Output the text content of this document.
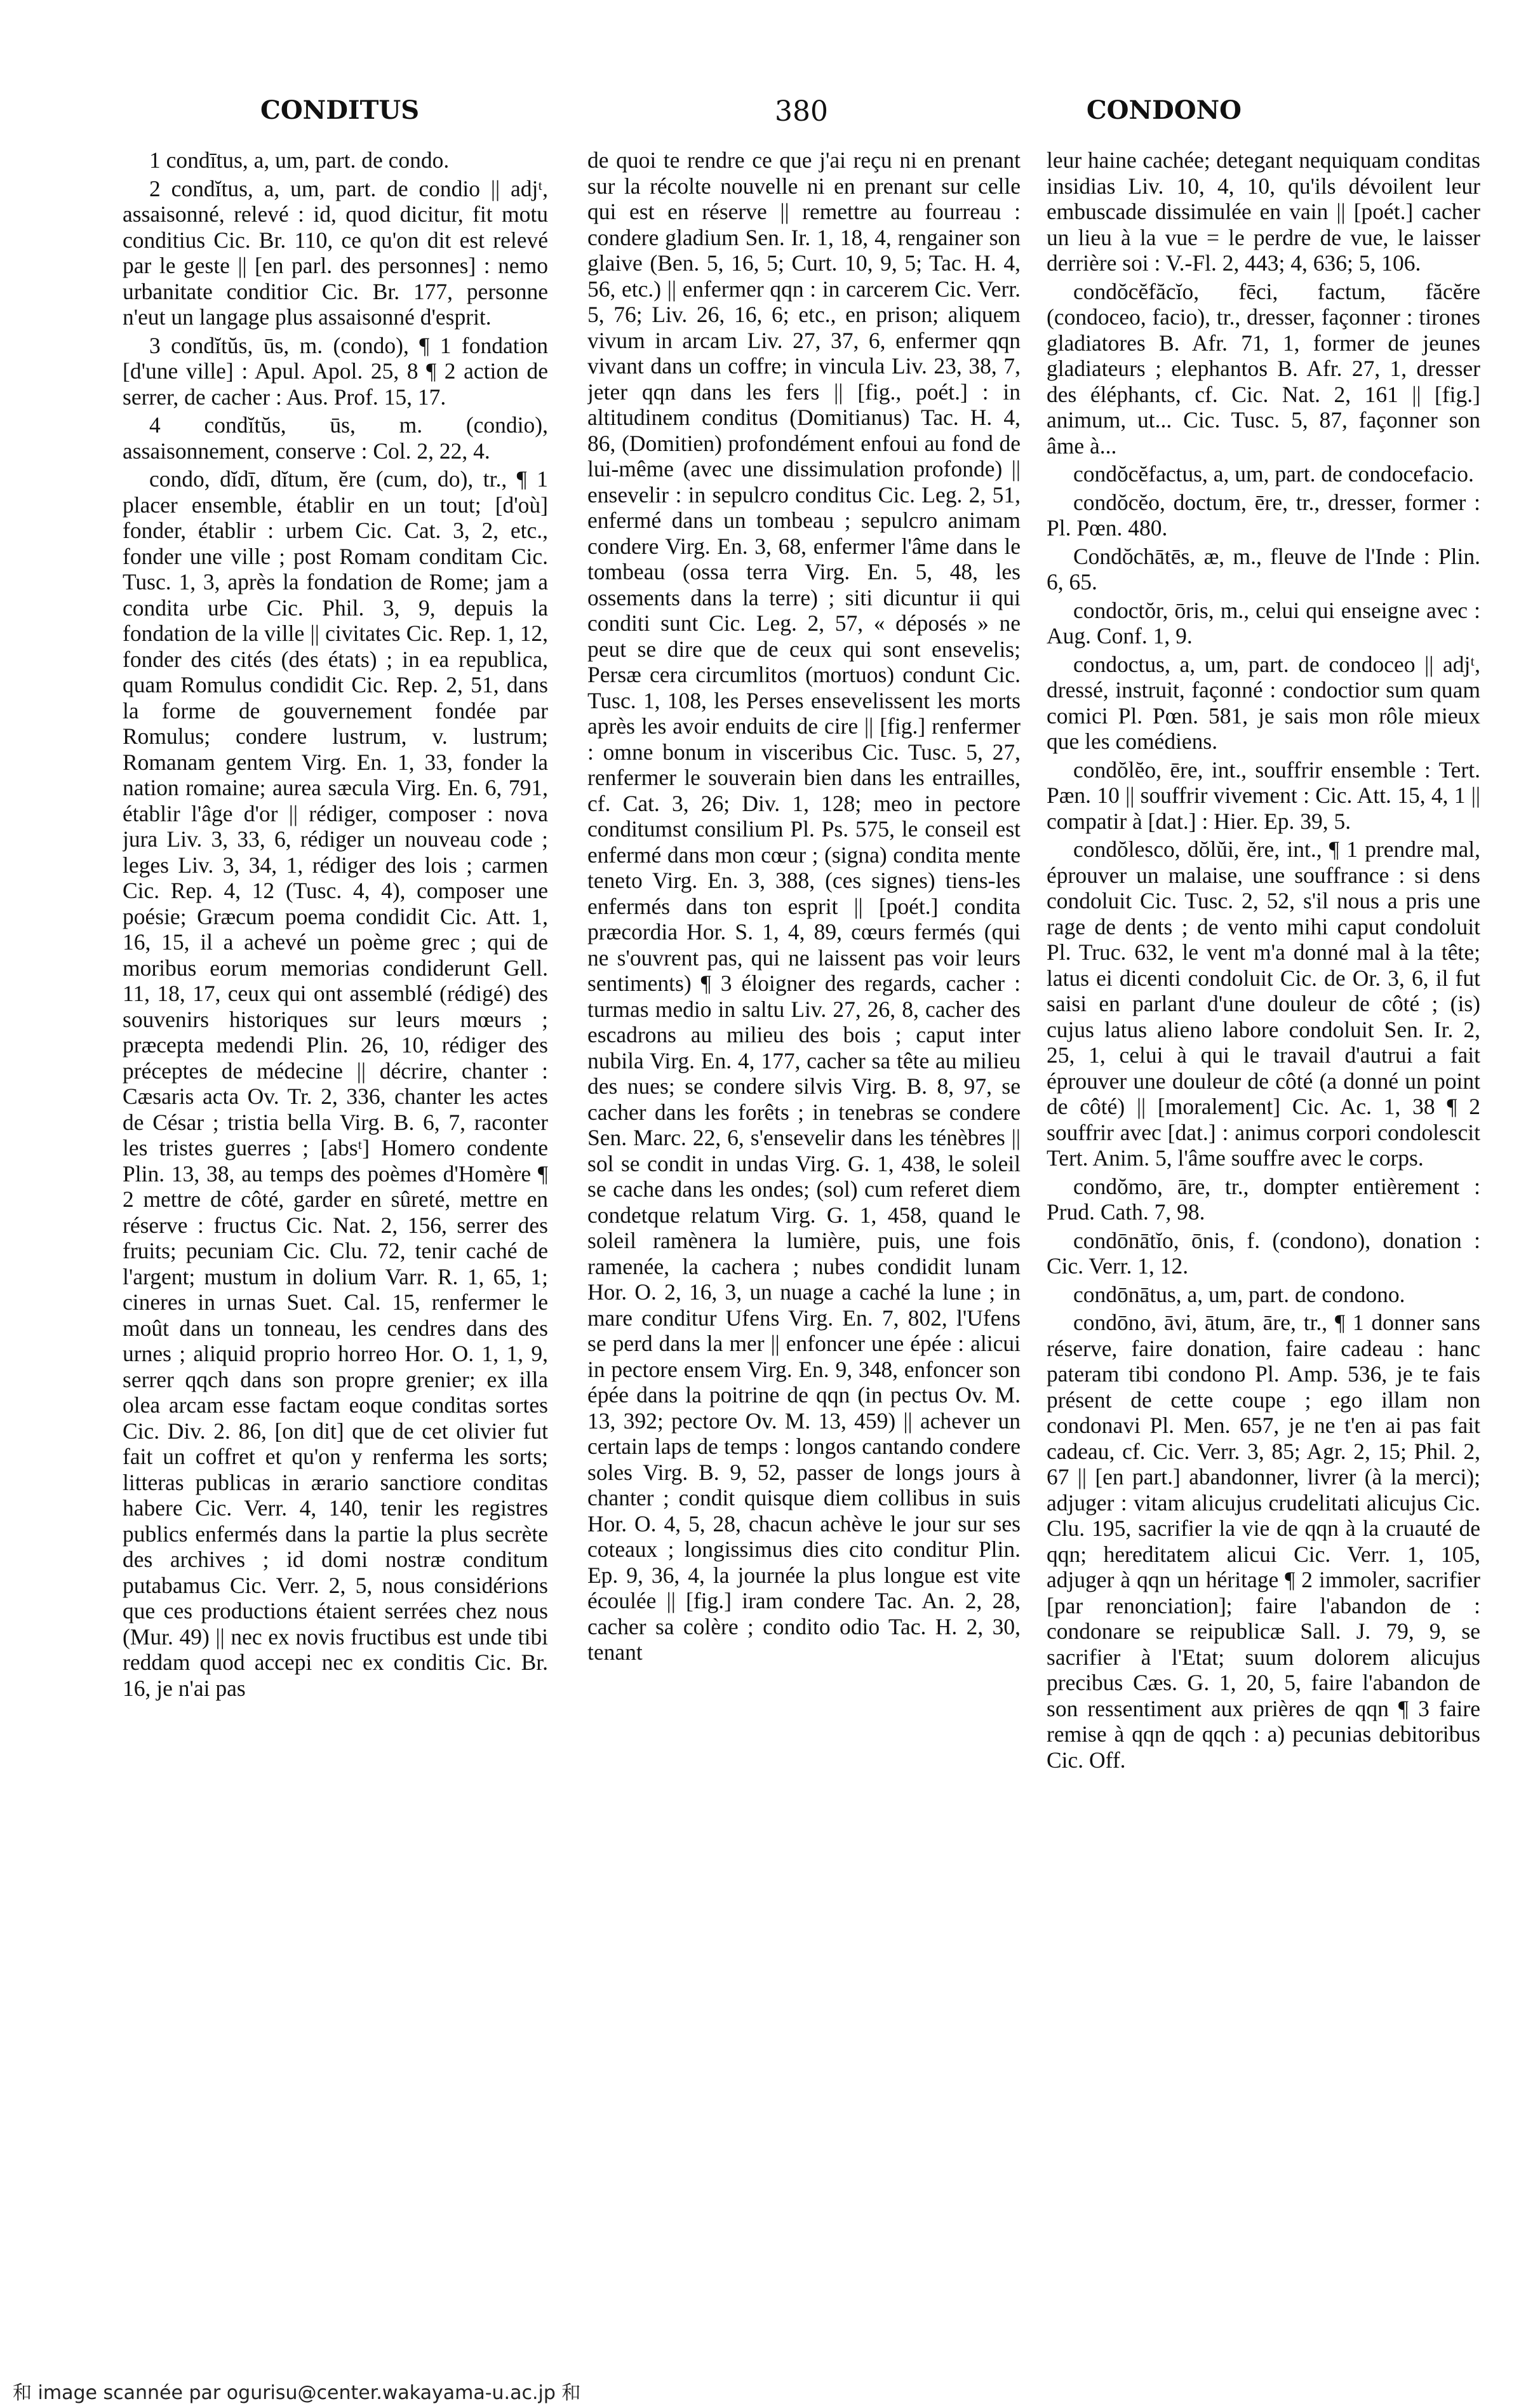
CONDITUS	380	CONDONO

1 condītus, a, um, part. de condo.

2 condĭtus, a, um, part. de condio || adjᵗ, assaisonné, relevé : id, quod dicitur, fit motu conditius Cic. Br. 110, ce qu'on dit est relevé par le geste || [en parl. des personnes] : nemo urbanitate conditior Cic. Br. 177, personne n'eut un langage plus assaisonné d'esprit.

3 condĭtŭs, ūs, m. (condo), ¶ 1 fondation [d'une ville] : Apul. Apol. 25, 8 ¶ 2 action de serrer, de cacher : Aus. Prof. 15, 17.

4 condĭtŭs, ūs, m. (condio), assaisonnement, conserve : Col. 2, 22, 4.

condo, dĭdī, dĭtum, ĕre (cum, do), tr., ¶ 1 placer ensemble, établir en un tout; [d'où] fonder, établir : urbem Cic. Cat. 3, 2, etc., fonder une ville ; post Romam conditam Cic. Tusc. 1, 3, après la fondation de Rome; jam a condita urbe Cic. Phil. 3, 9, depuis la fondation de la ville || civitates Cic. Rep. 1, 12, fonder des cités (des états) ; in ea republica, quam Romulus condidit Cic. Rep. 2, 51, dans la forme de gouvernement fondée par Romulus; condere lustrum, v. lustrum; Romanam gentem Virg. En. 1, 33, fonder la nation romaine; aurea sæcula Virg. En. 6, 791, établir l'âge d'or || rédiger, composer : nova jura Liv. 3, 33, 6, rédiger un nouveau code ; leges Liv. 3, 34, 1, rédiger des lois ; carmen Cic. Rep. 4, 12 (Tusc. 4, 4), composer une poésie; Græcum poema condidit Cic. Att. 1, 16, 15, il a achevé un poème grec ; qui de moribus eorum memorias condiderunt Gell. 11, 18, 17, ceux qui ont assemblé (rédigé) des souvenirs historiques sur leurs mœurs ; præcepta medendi Plin. 26, 10, rédiger des préceptes de médecine || décrire, chanter : Cæsaris acta Ov. Tr. 2, 336, chanter les actes de César ; tristia bella Virg. B. 6, 7, raconter les tristes guerres ; [absᵗ] Homero condente Plin. 13, 38, au temps des poèmes d'Homère ¶ 2 mettre de côté, garder en sûreté, mettre en réserve : fructus Cic. Nat. 2, 156, serrer des fruits; pecuniam Cic. Clu. 72, tenir caché de l'argent; mustum in dolium Varr. R. 1, 65, 1; cineres in urnas Suet. Cal. 15, renfermer le moût dans un tonneau, les cendres dans des urnes ; aliquid proprio horreo Hor. O. 1, 1, 9, serrer qqch dans son propre grenier; ex illa olea arcam esse factam eoque conditas sortes Cic. Div. 2. 86, [on dit] que de cet olivier fut fait un coffret et qu'on y renferma les sorts; litteras publicas in ærario sanctiore conditas habere Cic. Verr. 4, 140, tenir les registres publics enfermés dans la partie la plus secrète des archives ; id domi nostræ conditum putabamus Cic. Verr. 2, 5, nous considérions que ces productions étaient serrées chez nous (Mur. 49) || nec ex novis fructibus est unde tibi reddam quod accepi nec ex conditis Cic. Br. 16, je n'ai pas

de quoi te rendre ce que j'ai reçu ni en prenant sur la récolte nouvelle ni en prenant sur celle qui est en réserve || remettre au fourreau : condere gladium Sen. Ir. 1, 18, 4, rengainer son glaive (Ben. 5, 16, 5; Curt. 10, 9, 5; Tac. H. 4, 56, etc.) || enfermer qqn : in carcerem Cic. Verr. 5, 76; Liv. 26, 16, 6; etc., en prison; aliquem vivum in arcam Liv. 27, 37, 6, enfermer qqn vivant dans un coffre; in vincula Liv. 23, 38, 7, jeter qqn dans les fers || [fig., poét.] : in altitudinem conditus (Domitianus) Tac. H. 4, 86, (Domitien) profondément enfoui au fond de lui-même (avec une dissimulation profonde) || ensevelir : in sepulcro conditus Cic. Leg. 2, 51, enfermé dans un tombeau ; sepulcro animam condere Virg. En. 3, 68, enfermer l'âme dans le tombeau (ossa terra Virg. En. 5, 48, les ossements dans la terre) ; siti dicuntur ii qui conditi sunt Cic. Leg. 2, 57, « déposés » ne peut se dire que de ceux qui sont ensevelis; Persæ cera circumlitos (mortuos) condunt Cic. Tusc. 1, 108, les Perses ensevelissent les morts après les avoir enduits de cire || [fig.] renfermer : omne bonum in visceribus Cic. Tusc. 5, 27, renfermer le souverain bien dans les entrailles, cf. Cat. 3, 26; Div. 1, 128; meo in pectore conditumst consilium Pl. Ps. 575, le conseil est enfermé dans mon cœur ; (signa) condita mente teneto Virg. En. 3, 388, (ces signes) tiens-les enfermés dans ton esprit || [poét.] condita præcordia Hor. S. 1, 4, 89, cœurs fermés (qui ne s'ouvrent pas, qui ne laissent pas voir leurs sentiments) ¶ 3 éloigner des regards, cacher : turmas medio in saltu Liv. 27, 26, 8, cacher des escadrons au milieu des bois ; caput inter nubila Virg. En. 4, 177, cacher sa tête au milieu des nues; se condere silvis Virg. B. 8, 97, se cacher dans les forêts ; in tenebras se condere Sen. Marc. 22, 6, s'ensevelir dans les ténèbres || sol se condit in undas Virg. G. 1, 438, le soleil se cache dans les ondes; (sol) cum referet diem condetque relatum Virg. G. 1, 458, quand le soleil ramènera la lumière, puis, une fois ramenée, la cachera ; nubes condidit lunam Hor. O. 2, 16, 3, un nuage a caché la lune ; in mare conditur Ufens Virg. En. 7, 802, l'Ufens se perd dans la mer || enfoncer une épée : alicui in pectore ensem Virg. En. 9, 348, enfoncer son épée dans la poitrine de qqn (in pectus Ov. M. 13, 392; pectore Ov. M. 13, 459) || achever un certain laps de temps : longos cantando condere soles Virg. B. 9, 52, passer de longs jours à chanter ; condit quisque diem collibus in suis Hor. O. 4, 5, 28, chacun achève le jour sur ses coteaux ; longissimus dies cito conditur Plin. Ep. 9, 36, 4, la journée la plus longue est vite écoulée || [fig.] iram condere Tac. An. 2, 28, cacher sa colère ; condito odio Tac. H. 2, 30, tenant

leur haine cachée; detegant nequiquam conditas insidias Liv. 10, 4, 10, qu'ils dévoilent leur embuscade dissimulée en vain || [poét.] cacher un lieu à la vue = le perdre de vue, le laisser derrière soi : V.-Fl. 2, 443; 4, 636; 5, 106.

condŏcĕfăcĭo, fēci, factum, făcĕre (condoceo, facio), tr., dresser, façonner : tirones gladiatores B. Afr. 71, 1, former de jeunes gladiateurs ; elephantos B. Afr. 27, 1, dresser des éléphants, cf. Cic. Nat. 2, 161 || [fig.] animum, ut... Cic. Tusc. 5, 87, façonner son âme à...

condŏcĕfactus, a, um, part. de condocefacio.

condŏcĕo, doctum, ēre, tr., dresser, former : Pl. Pœn. 480.

Condŏchātēs, æ, m., fleuve de l'Inde : Plin. 6, 65.

condoctŏr, ōris, m., celui qui enseigne avec : Aug. Conf. 1, 9.

condoctus, a, um, part. de condoceo || adjᵗ, dressé, instruit, façonné : condoctior sum quam comici Pl. Pœn. 581, je sais mon rôle mieux que les comédiens.

condŏlĕo, ēre, int., souffrir ensemble : Tert. Pæn. 10 || souffrir vivement : Cic. Att. 15, 4, 1 || compatir à [dat.] : Hier. Ep. 39, 5.

condŏlesco, dŏlŭi, ĕre, int., ¶ 1 prendre mal, éprouver un malaise, une souffrance : si dens condoluit Cic. Tusc. 2, 52, s'il nous a pris une rage de dents ; de vento mihi caput condoluit Pl. Truc. 632, le vent m'a donné mal à la tête; latus ei dicenti condoluit Cic. de Or. 3, 6, il fut saisi en parlant d'une douleur de côté ; (is) cujus latus alieno labore condoluit Sen. Ir. 2, 25, 1, celui à qui le travail d'autrui a fait éprouver une douleur de côté (a donné un point de côté) || [moralement] Cic. Ac. 1, 38 ¶ 2 souffrir avec [dat.] : animus corpori condolescit Tert. Anim. 5, l'âme souffre avec le corps.

condŏmo, āre, tr., dompter entièrement : Prud. Cath. 7, 98.

condōnātĭo, ōnis, f. (condono), donation : Cic. Verr. 1, 12.

condōnātus, a, um, part. de condono.

condōno, āvi, ātum, āre, tr., ¶ 1 donner sans réserve, faire donation, faire cadeau : hanc pateram tibi condono Pl. Amp. 536, je te fais présent de cette coupe ; ego illam non condonavi Pl. Men. 657, je ne t'en ai pas fait cadeau, cf. Cic. Verr. 3, 85; Agr. 2, 15; Phil. 2, 67 || [en part.] abandonner, livrer (à la merci); adjuger : vitam alicujus crudelitati alicujus Cic. Clu. 195, sacrifier la vie de qqn à la cruauté de qqn; hereditatem alicui Cic. Verr. 1, 105, adjuger à qqn un héritage ¶ 2 immoler, sacrifier [par renonciation]; faire l'abandon de : condonare se reipublicæ Sall. J. 79, 9, se sacrifier à l'Etat; suum dolorem alicujus precibus Cæs. G. 1, 20, 5, faire l'abandon de son ressentiment aux prières de qqn ¶ 3 faire remise à qqn de qqch : a) pecunias debitoribus Cic. Off.

和 image scannée par ogurisu@center.wakayama-u.ac.jp 和
